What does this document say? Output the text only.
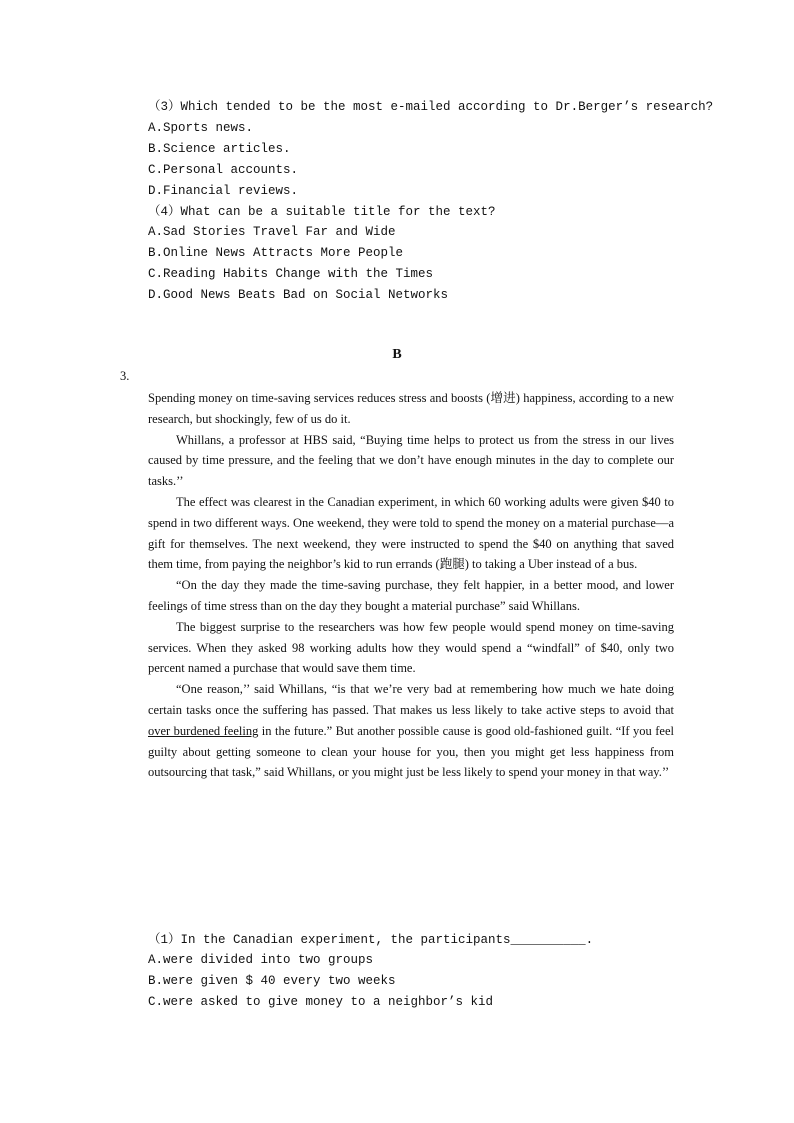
（3）Which tended to be the most e-mailed according to Dr.Berger’s research?
A.Sports news.
B.Science articles.
C.Personal accounts.
D.Financial reviews.
（4）What can be a suitable title for the text?
A.Sad Stories Travel Far and Wide
B.Online News Attracts More People
C.Reading Habits Change with the Times
D.Good News Beats Bad on Social Networks
B
3.

Spending money on time-saving services reduces stress and boosts (增进) happiness, according to a new research, but shockingly, few of us do it.

Whillans, a professor at HBS said, “Buying time helps to protect us from the stress in our lives caused by time pressure, and the feeling that we don’t have enough minutes in the day to complete our tasks.’’

The effect was clearest in the Canadian experiment, in which 60 working adults were given $40 to spend in two different ways. One weekend, they were told to spend the money on a material purchase—a gift for themselves. The next weekend, they were instructed to spend the $40 on anything that saved them time, from paying the neighbor’s kid to run errands (跑腿) to taking a Uber instead of a bus.

“On the day they made the time-saving purchase, they felt happier, in a better mood, and lower feelings of time stress than on the day they bought a material purchase” said Whillans.

The biggest surprise to the researchers was how few people would spend money on time-saving services. When they asked 98 working adults how they would spend a “windfall” of $40, only two percent named a purchase that would save them time.

“One reason,’’ said Whillans, “is that we’re very bad at remembering how much we hate doing certain tasks once the suffering has passed. That makes us less likely to take active steps to avoid that over burdened feeling in the future.” But another possible cause is good old-fashioned guilt. “If you feel guilty about getting someone to clean your house for you, then you might get less happiness from outsourcing that task,” said Whillans, or you might just be less likely to spend your money in that way.’’

（1）In the Canadian experiment, the participants__________.
A.were divided into two groups
B.were given $ 40 every two weeks
C.were asked to give money to a neighbor’s kid
